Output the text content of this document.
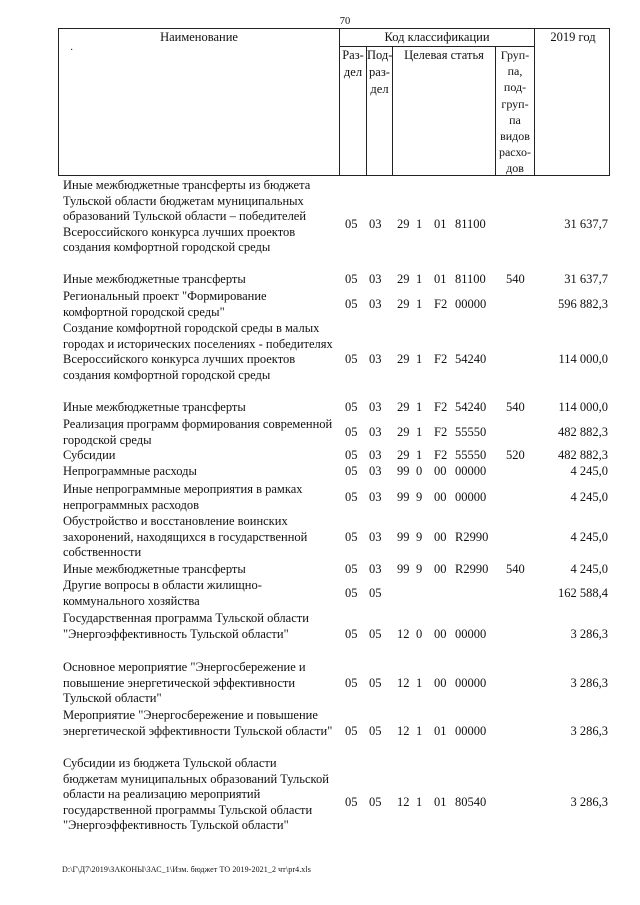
70
Наименование	Код классификации	2019 год
Раз-
дел
Под-
раз-
дел
Целевая статья	Груп-
па,
под-
груп-
па
видов
расхо-
дов
·
Иные межбюджетные трансферты из бюджета Тульской области бюджетам муниципальных образований Тульской области – победителей Всероссийского конкурса лучших проектов создания комфортной городской среды
05 03 29 1 01 81100	31 637,7
Иные межбюджетные трансферты	05 03 29 1 01 81100	540	31 637,7
Региональный проект "Формирование комфортной городской среды"
05 03 29 1 F2 00000	596 882,3
Создание комфортной городской среды в малых городах и исторических поселениях - победителях Всероссийского конкурса лучших проектов создания комфортной городской среды
05 03 29 1 F2 54240	114 000,0
Иные межбюджетные трансферты	05 03 29 1 F2 54240	540	114 000,0
Реализация программ формирования современной городской среды
05 03 29 1 F2 55550	482 882,3
Субсидии	05 03 29 1 F2 55550	520	482 882,3
Непрограммные расходы	05 03 99 0 00 00000	4 245,0
Иные непрограммные мероприятия в рамках непрограммных расходов
05 03 99 9 00 00000	4 245,0
Обустройство и восстановление воинских захоронений, находящихся в государственной собственности
05 03 99 9 00 R2990	4 245,0
Иные межбюджетные трансферты	05 03 99 9 00 R2990	540	4 245,0
Другие вопросы в области жилищно-коммунального хозяйства
05 05	162 588,4
Государственная программа Тульской области "Энергоэффективность Тульской области"	05 05 12 0 00 00000	3 286,3
Основное мероприятие "Энергосбережение и повышение энергетической эффективности Тульской области"
05 05 12 1 00 00000	3 286,3
Мероприятие "Энергосбережение и повышение энергетической эффективности Тульской области" 05 05 12 1 01 00000	3 286,3
Субсидии из бюджета Тульской области бюджетам муниципальных образований Тульской области на реализацию мероприятий государственной программы Тульской области "Энергоэффективность Тульской области"
05 05 12 1 01 80540	3 286,3
D:\Г\Д7\2019\ЗАКОНЫ\ЗАС_1\Изм. бюджет ТО 2019-2021_2 чт\pr4.xls
